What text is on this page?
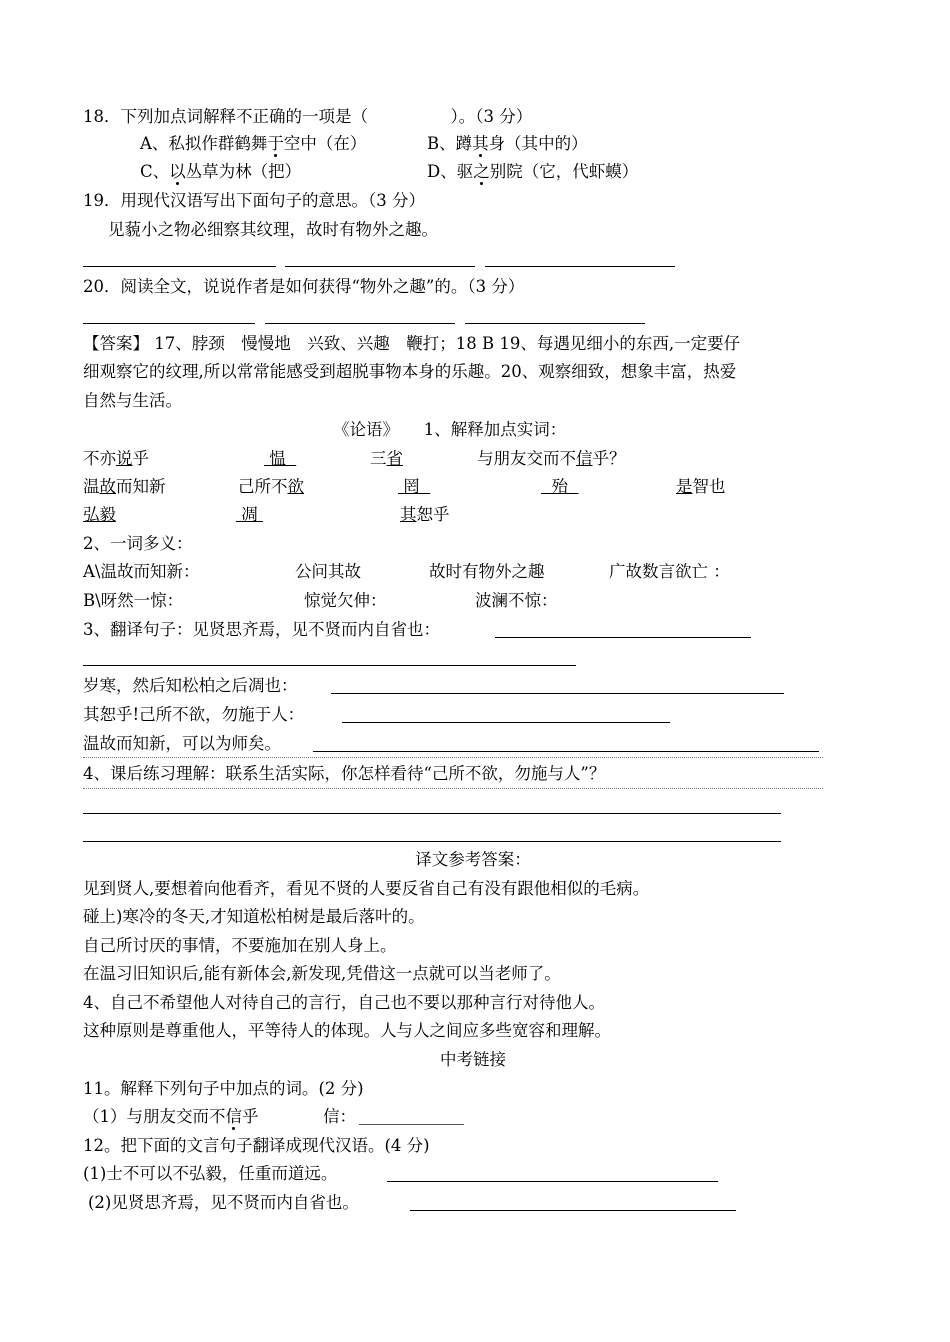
18．下列加点词解释不正确的一项是（　　　　　）。（3 分）
A、私拟作群鹤舞于空中（在）	B、蹲其身（其中的）
C、以丛草为林（把）	D、驱之别院（它，代虾蟆）
19．用现代汉语写出下面句子的意思。（3 分）
见藐小之物必细察其纹理，故时有物外之趣。
20．阅读全文，说说作者是如何获得“物外之趣”的。（3 分）
【答案】 17、脖颈　慢慢地　兴致、兴趣　鞭打；18 B 19、每遇见细小的东西,一定要仔
细观察它的纹理,所以常常能感受到超脱事物本身的乐趣。20、观察细致，想象丰富，热爱
自然与生活。
《论语》　　1、解释加点实词：
不亦说乎	愠	三省	与朋友交而不信乎？
温故而知新	己所不欲	罔	殆	是智也
弘毅	凋	其恕乎
2、一词多义：
A\温故而知新：	公问其故	故时有物外之趣	广故数言欲亡 ：
B\呀然一惊：	惊觉欠伸：	波澜不惊：
3、翻译句子：见贤思齐焉，见不贤而内自省也：
岁寒，然后知松柏之后凋也：
其恕乎!己所不欲，勿施于人：
温故而知新，可以为师矣。
4、课后练习理解：联系生活实际，你怎样看待“己所不欲，勿施与人”？
译文参考答案：
见到贤人,要想着向他看齐，看见不贤的人要反省自己有没有跟他相似的毛病。
碰上)寒冷的冬天,才知道松柏树是最后落叶的。
自己所讨厌的事情，不要施加在别人身上。
在温习旧知识后,能有新体会,新发现,凭借这一点就可以当老师了。
4、自己不希望他人对待自己的言行，自己也不要以那种言行对待他人。
这种原则是尊重他人，平等待人的体现。人与人之间应多些宽容和理解。
中考链接
11。解释下列句子中加点的词。(2 分)
（1）与朋友交而不信乎	信：
12。把下面的文言句子翻译成现代汉语。(4 分)
(1)士不可以不弘毅，任重而道远。
(2)见贤思齐焉，见不贤而内自省也。
